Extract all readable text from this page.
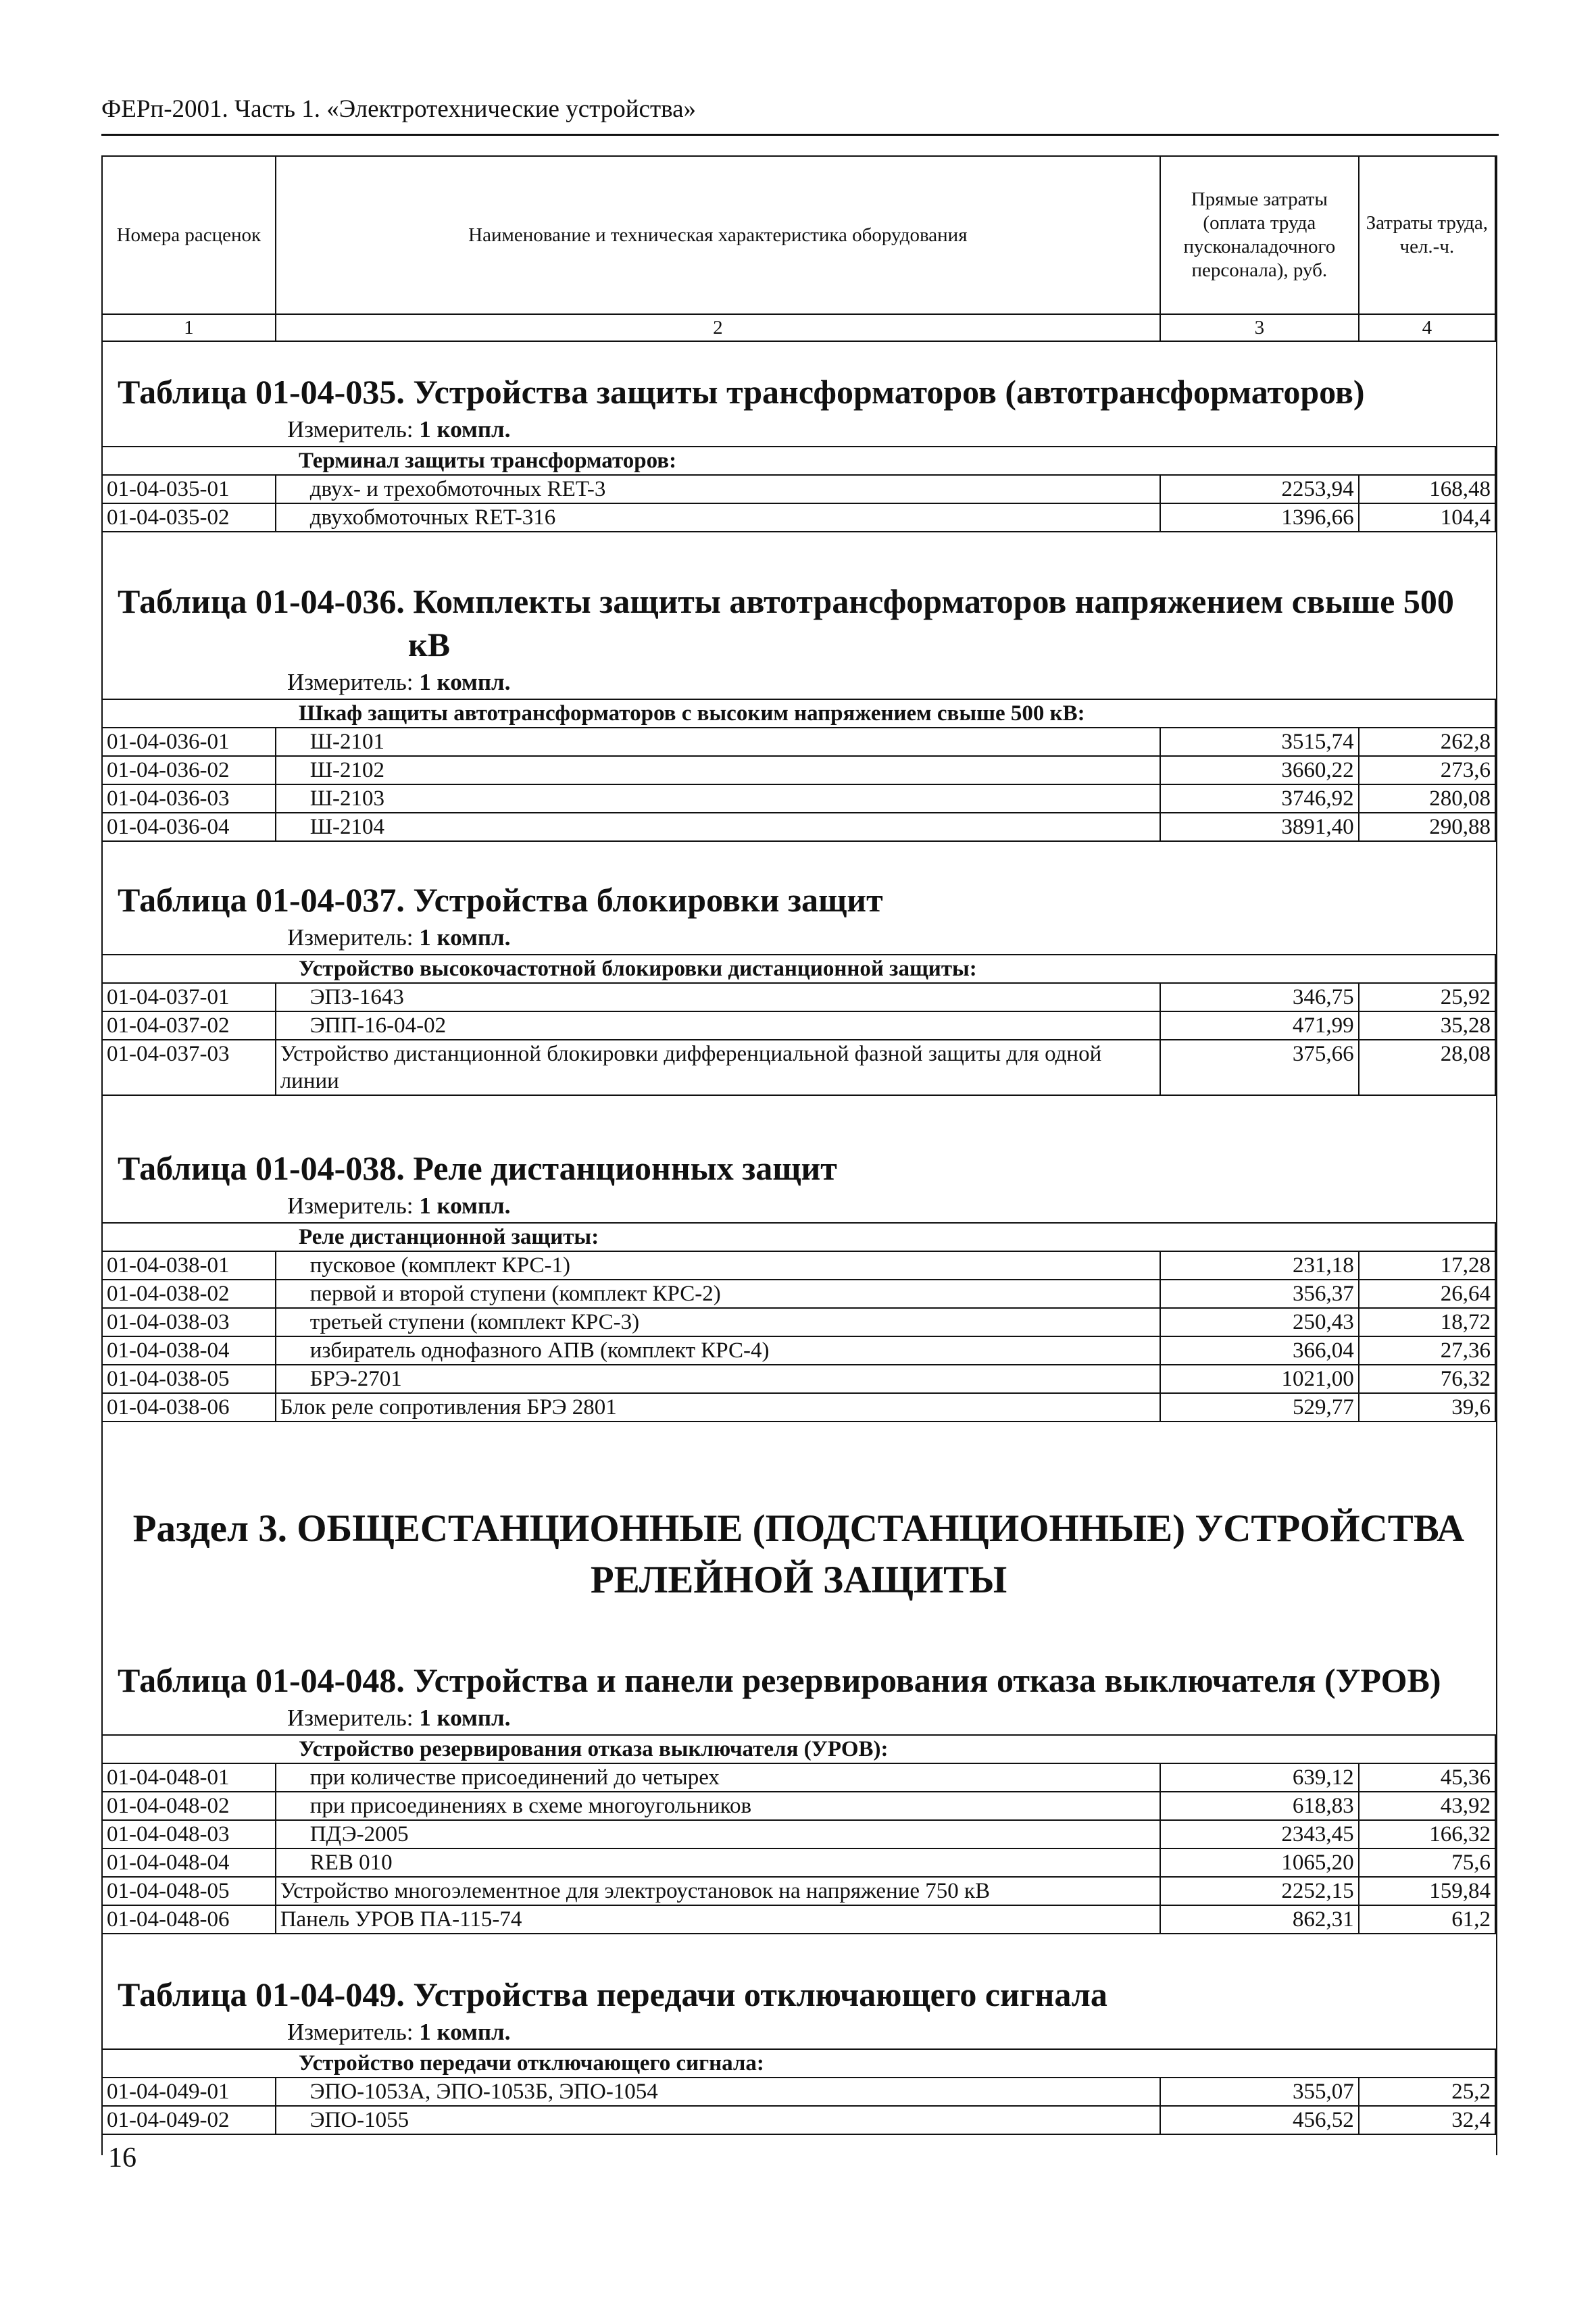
ФЕРп-2001. Часть 1. «Электротехнические устройства»
Номера расценок	Наименование и техническая характеристика оборудования	Прямые затраты (оплата труда пусконаладочного персонала), руб.	Затраты труда, чел.-ч.
1	2	3	4
Таблица 01-04-035. Устройства защиты трансформаторов (автотрансформаторов)
Измеритель: 1 компл.
Терминал защиты трансформаторов:			
01-04-035-01	двух- и трехобмоточных RET-3	2253,94	168,48
01-04-035-02	двухобмоточных RET-316	1396,66	104,4
Таблица 01-04-036. Комплекты защиты автотрансформаторов напряжением свыше 500
кВ
Измеритель: 1 компл.
Шкаф защиты автотрансформаторов с высоким напряжением свыше 500 кВ:			
01-04-036-01	Ш-2101	3515,74	262,8
01-04-036-02	Ш-2102	3660,22	273,6
01-04-036-03	Ш-2103	3746,92	280,08
01-04-036-04	Ш-2104	3891,40	290,88
Таблица 01-04-037. Устройства блокировки защит
Измеритель: 1 компл.
Устройство высокочастотной блокировки дистанционной защиты:			
01-04-037-01	ЭПЗ-1643	346,75	25,92
01-04-037-02	ЭПП-16-04-02	471,99	35,28
01-04-037-03	Устройство дистанционной блокировки дифференциальной фазной защиты для одной линии	375,66	28,08
Таблица 01-04-038. Реле дистанционных защит
Измеритель: 1 компл.
Реле дистанционной защиты:			
01-04-038-01	пусковое (комплект КРС-1)	231,18	17,28
01-04-038-02	первой и второй ступени (комплект КРС-2)	356,37	26,64
01-04-038-03	третьей ступени (комплект КРС-3)	250,43	18,72
01-04-038-04	избиратель однофазного АПВ (комплект КРС-4)	366,04	27,36
01-04-038-05	БРЭ-2701	1021,00	76,32
01-04-038-06	Блок реле сопротивления БРЭ 2801	529,77	39,6
Раздел 3. ОБЩЕСТАНЦИОННЫЕ (ПОДСТАНЦИОННЫЕ) УСТРОЙСТВА
РЕЛЕЙНОЙ ЗАЩИТЫ
Таблица 01-04-048. Устройства и панели резервирования отказа выключателя (УРОВ)
Измеритель: 1 компл.
Устройство резервирования отказа выключателя (УРОВ):			
01-04-048-01	при количестве присоединений до четырех	639,12	45,36
01-04-048-02	при присоединениях в схеме многоугольников	618,83	43,92
01-04-048-03	ПДЭ-2005	2343,45	166,32
01-04-048-04	REB 010	1065,20	75,6
01-04-048-05	Устройство многоэлементное для электроустановок на напряжение 750 кВ	2252,15	159,84
01-04-048-06	Панель УРОВ ПА-115-74	862,31	61,2
Таблица 01-04-049. Устройства передачи отключающего сигнала
Измеритель: 1 компл.
Устройство передачи отключающего сигнала:			
01-04-049-01	ЭПО-1053А, ЭПО-1053Б, ЭПО-1054	355,07	25,2
01-04-049-02	ЭПО-1055	456,52	32,4
16
